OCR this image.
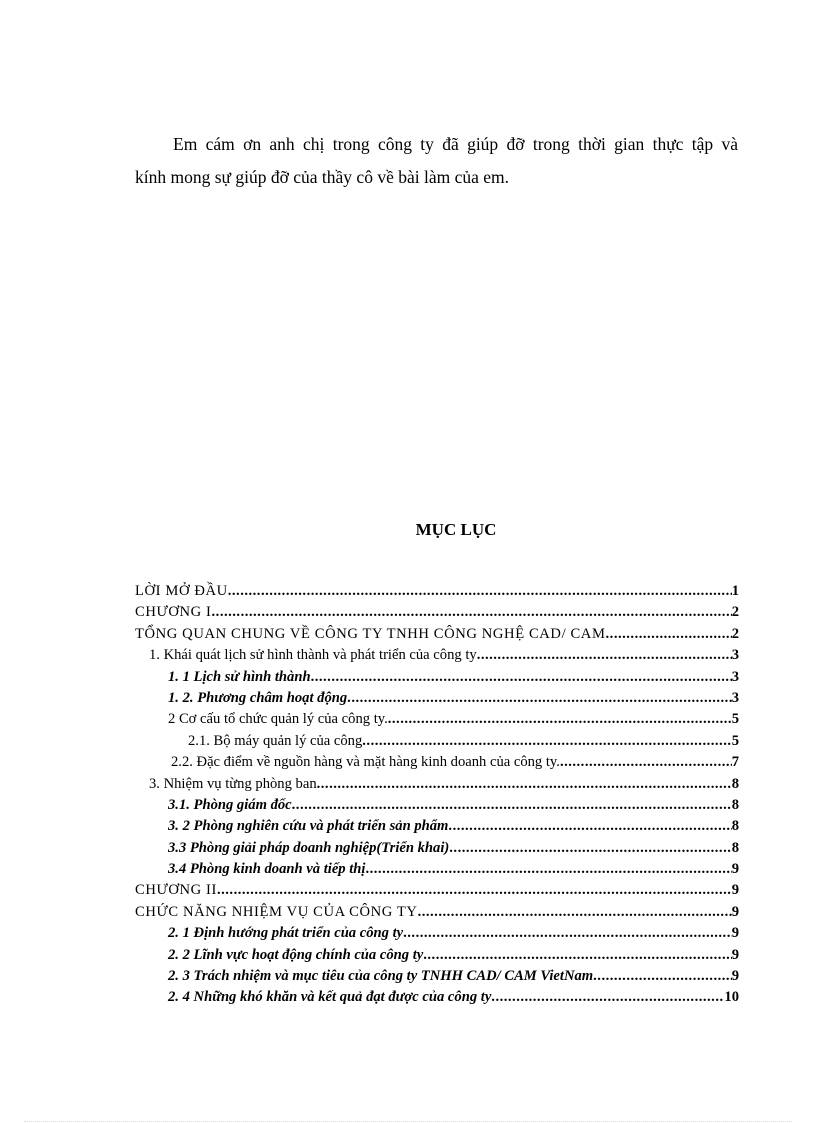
Em cám ơn anh chị trong công ty đã giúp đỡ trong thời gian thực tập và

kính mong sự giúp đỡ của thầy cô về bài làm của em.

MỤC LỤC
LỜI MỞ ĐẦU .....	1
CHƯƠNG I .....	2
TỔNG QUAN CHUNG VỀ CÔNG TY TNHH CÔNG NGHỆ CAD/ CAM .....	2
1. Khái quát lịch sử hình thành và phát triển của công ty .....	3
1. 1 Lịch sử hình thành .....	3
1. 2. Phương châm hoạt động .....	3
2 Cơ cấu tổ chức quản lý của công ty. .....	5
2.1. Bộ máy quản lý của công .....	5
2.2. Đặc điểm về nguồn hàng và mặt hàng kinh doanh của công ty. .....	7
3. Nhiệm vụ từng phòng ban .....	8
3.1. Phòng giám đốc .....	8
3. 2 Phòng nghiên cứu và phát triển sản phẩm .....	8
3.3 Phòng giải pháp doanh nghiệp(Triển khai) .....	8
3.4 Phòng kinh doanh và tiếp thị .....	9
CHƯƠNG II .....	9
CHỨC NĂNG NHIỆM VỤ CỦA CÔNG TY .....	9
2. 1 Định hướng phát triển của công ty .....	9
2. 2 Lĩnh vực hoạt động chính của công ty .....	9
2. 3 Trách nhiệm và mục tiêu của công ty TNHH CAD/ CAM VietNam .....	9
2. 4 Những khó khăn và kết quả đạt được của công ty .....	10
